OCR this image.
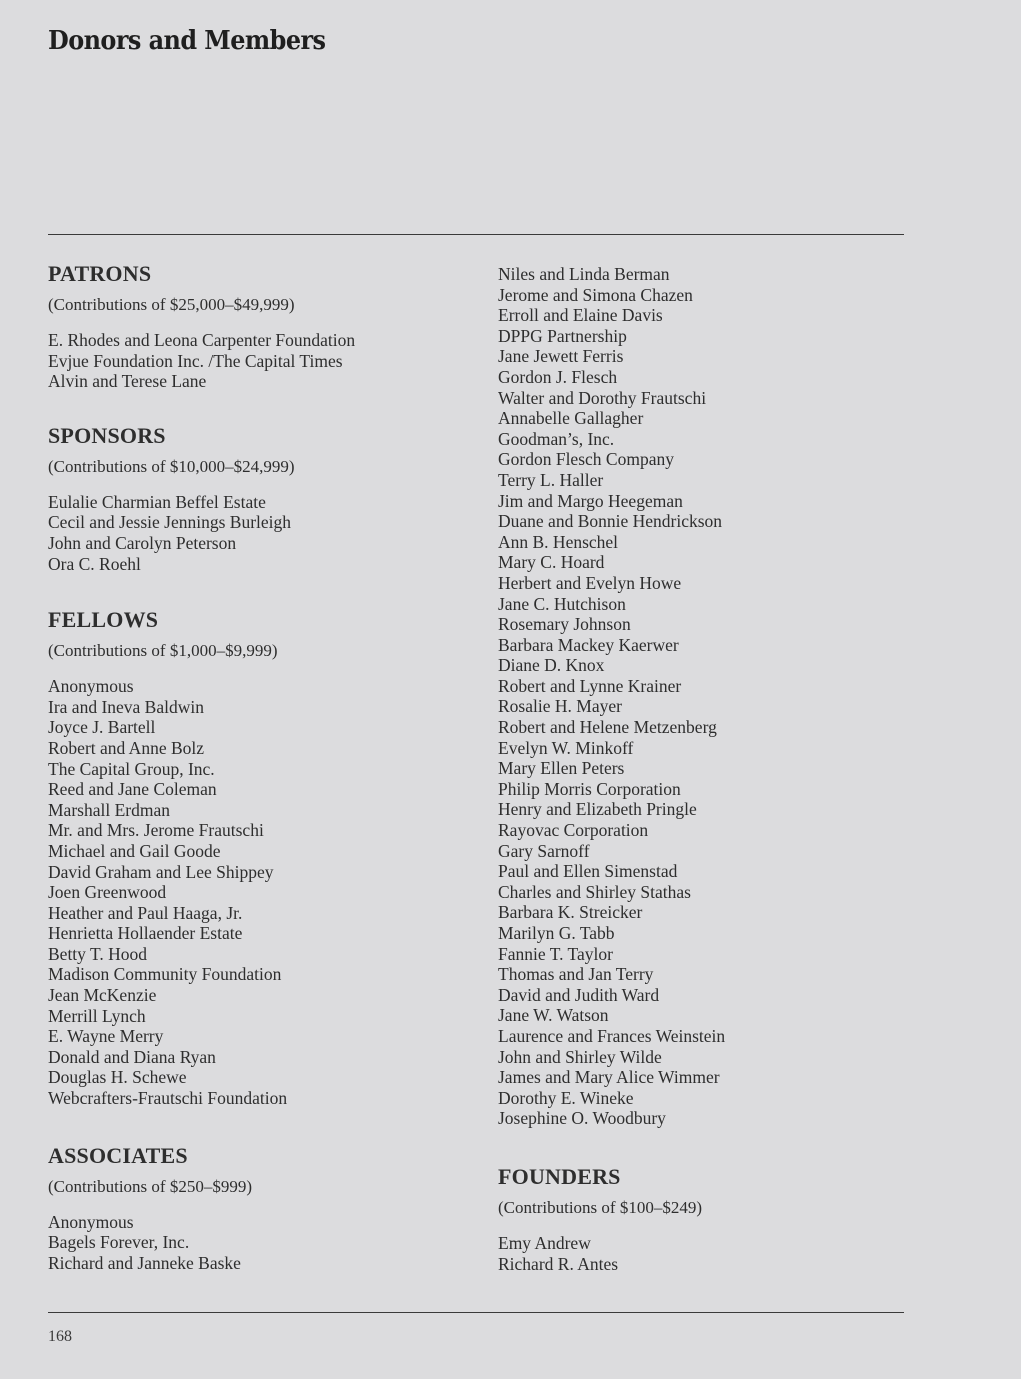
Donors and Members
PATRONS
(Contributions of $25,000–$49,999)
E. Rhodes and Leona Carpenter Foundation
Evjue Foundation Inc. /The Capital Times
Alvin and Terese Lane
SPONSORS
(Contributions of $10,000–$24,999)
Eulalie Charmian Beffel Estate
Cecil and Jessie Jennings Burleigh
John and Carolyn Peterson
Ora C. Roehl
FELLOWS
(Contributions of $1,000–$9,999)
Anonymous
Ira and Ineva Baldwin
Joyce J. Bartell
Robert and Anne Bolz
The Capital Group, Inc.
Reed and Jane Coleman
Marshall Erdman
Mr. and Mrs. Jerome Frautschi
Michael and Gail Goode
David Graham and Lee Shippey
Joen Greenwood
Heather and Paul Haaga, Jr.
Henrietta Hollaender Estate
Betty T. Hood
Madison Community Foundation
Jean McKenzie
Merrill Lynch
E. Wayne Merry
Donald and Diana Ryan
Douglas H. Schewe
Webcrafters-Frautschi Foundation
ASSOCIATES
(Contributions of $250–$999)
Anonymous
Bagels Forever, Inc.
Richard and Janneke Baske
Niles and Linda Berman
Jerome and Simona Chazen
Erroll and Elaine Davis
DPPG Partnership
Jane Jewett Ferris
Gordon J. Flesch
Walter and Dorothy Frautschi
Annabelle Gallagher
Goodman’s, Inc.
Gordon Flesch Company
Terry L. Haller
Jim and Margo Heegeman
Duane and Bonnie Hendrickson
Ann B. Henschel
Mary C. Hoard
Herbert and Evelyn Howe
Jane C. Hutchison
Rosemary Johnson
Barbara Mackey Kaerwer
Diane D. Knox
Robert and Lynne Krainer
Rosalie H. Mayer
Robert and Helene Metzenberg
Evelyn W. Minkoff
Mary Ellen Peters
Philip Morris Corporation
Henry and Elizabeth Pringle
Rayovac Corporation
Gary Sarnoff
Paul and Ellen Simenstad
Charles and Shirley Stathas
Barbara K. Streicker
Marilyn G. Tabb
Fannie T. Taylor
Thomas and Jan Terry
David and Judith Ward
Jane W. Watson
Laurence and Frances Weinstein
John and Shirley Wilde
James and Mary Alice Wimmer
Dorothy E. Wineke
Josephine O. Woodbury
FOUNDERS
(Contributions of $100–$249)
Emy Andrew
Richard R. Antes
168
